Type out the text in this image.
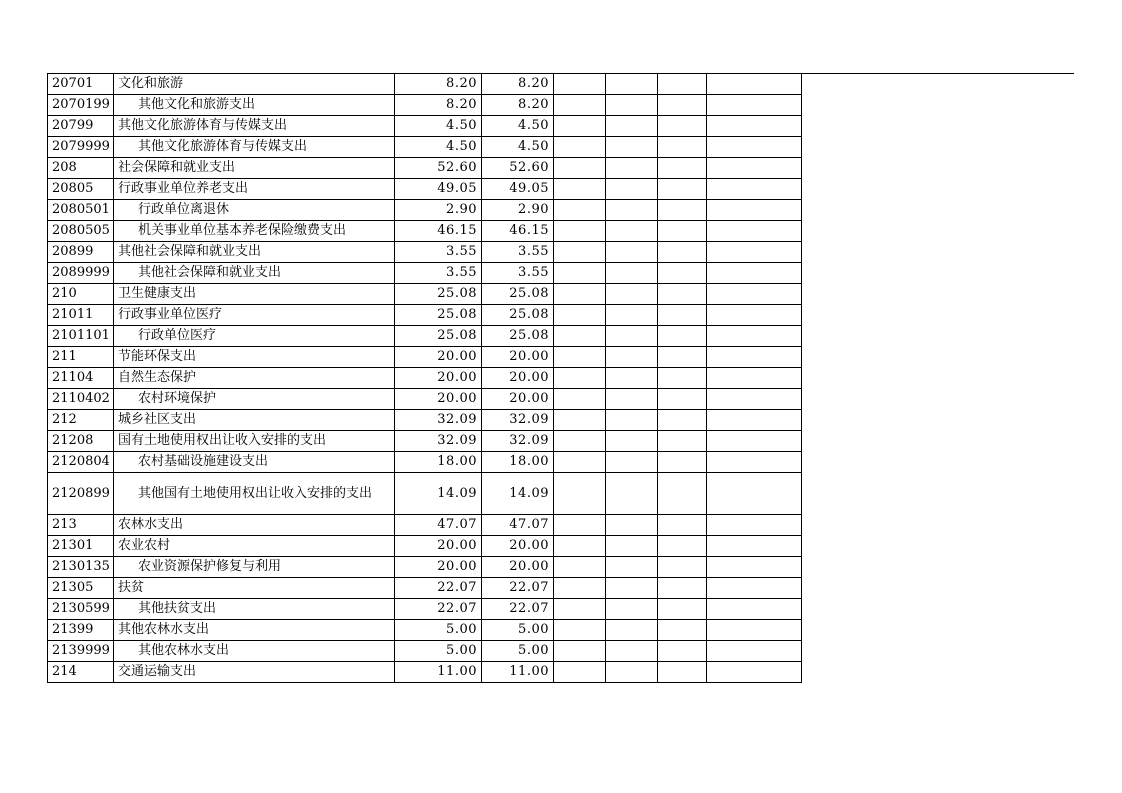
20701	文化和旅游	8.20	8.20				
2070199	其他文化和旅游支出	8.20	8.20				
20799	其他文化旅游体育与传媒支出	4.50	4.50				
2079999	其他文化旅游体育与传媒支出	4.50	4.50				
208	社会保障和就业支出	52.60	52.60				
20805	行政事业单位养老支出	49.05	49.05				
2080501	行政单位离退休	2.90	2.90				
2080505	机关事业单位基本养老保险缴费支出	46.15	46.15				
20899	其他社会保障和就业支出	3.55	3.55				
2089999	其他社会保障和就业支出	3.55	3.55				
210	卫生健康支出	25.08	25.08				
21011	行政事业单位医疗	25.08	25.08				
2101101	行政单位医疗	25.08	25.08				
211	节能环保支出	20.00	20.00				
21104	自然生态保护	20.00	20.00				
2110402	农村环境保护	20.00	20.00				
212	城乡社区支出	32.09	32.09				
21208	国有土地使用权出让收入安排的支出	32.09	32.09				
2120804	农村基础设施建设支出	18.00	18.00				
2120899	其他国有土地使用权出让收入安排的支出	14.09	14.09				
213	农林水支出	47.07	47.07				
21301	农业农村	20.00	20.00				
2130135	农业资源保护修复与利用	20.00	20.00				
21305	扶贫	22.07	22.07				
2130599	其他扶贫支出	22.07	22.07				
21399	其他农林水支出	5.00	5.00				
2139999	其他农林水支出	5.00	5.00				
214	交通运输支出	11.00	11.00				
